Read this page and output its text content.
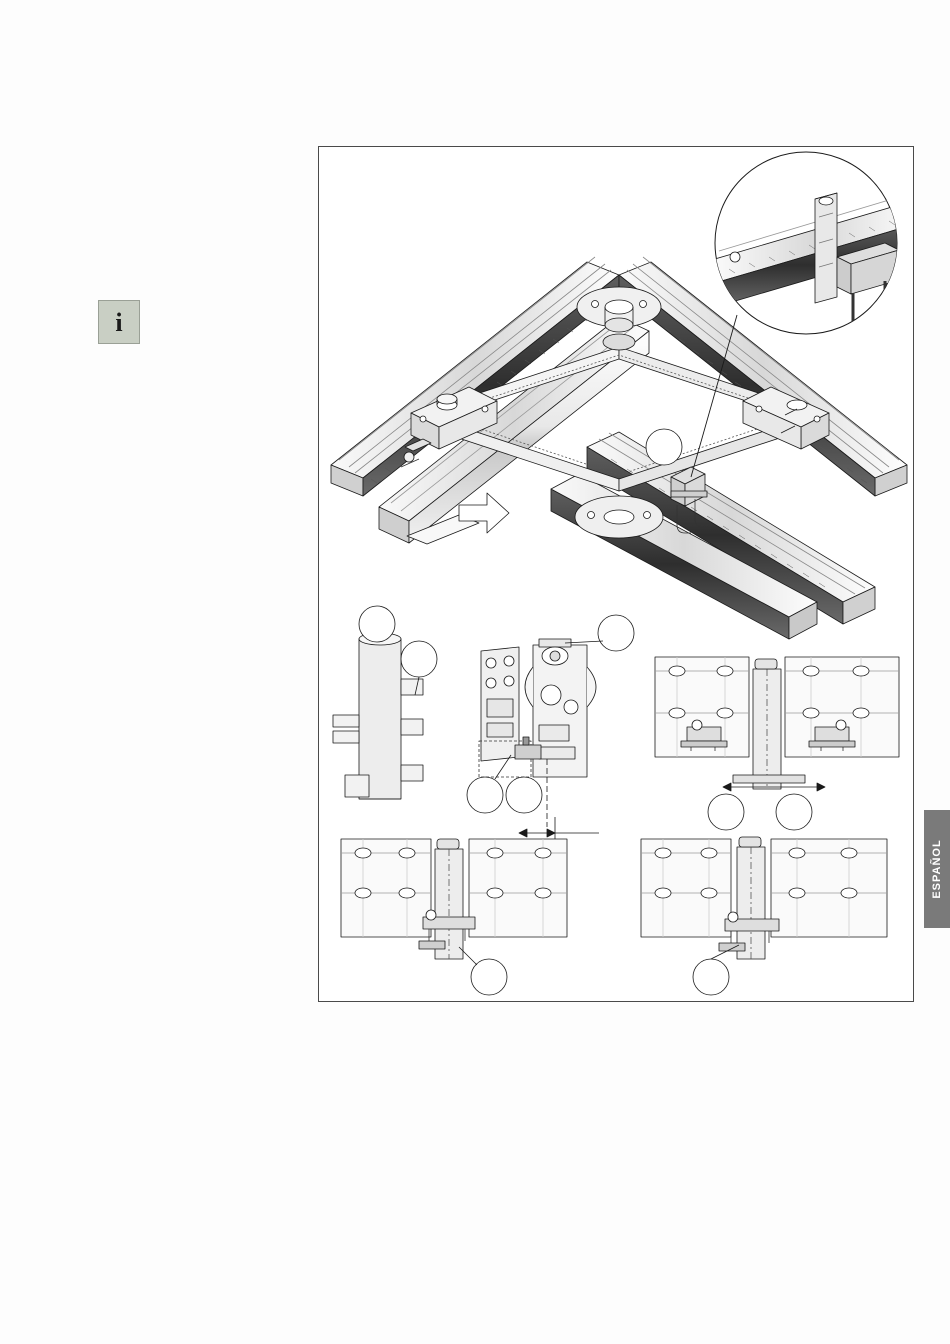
i
ESPAÑOL
